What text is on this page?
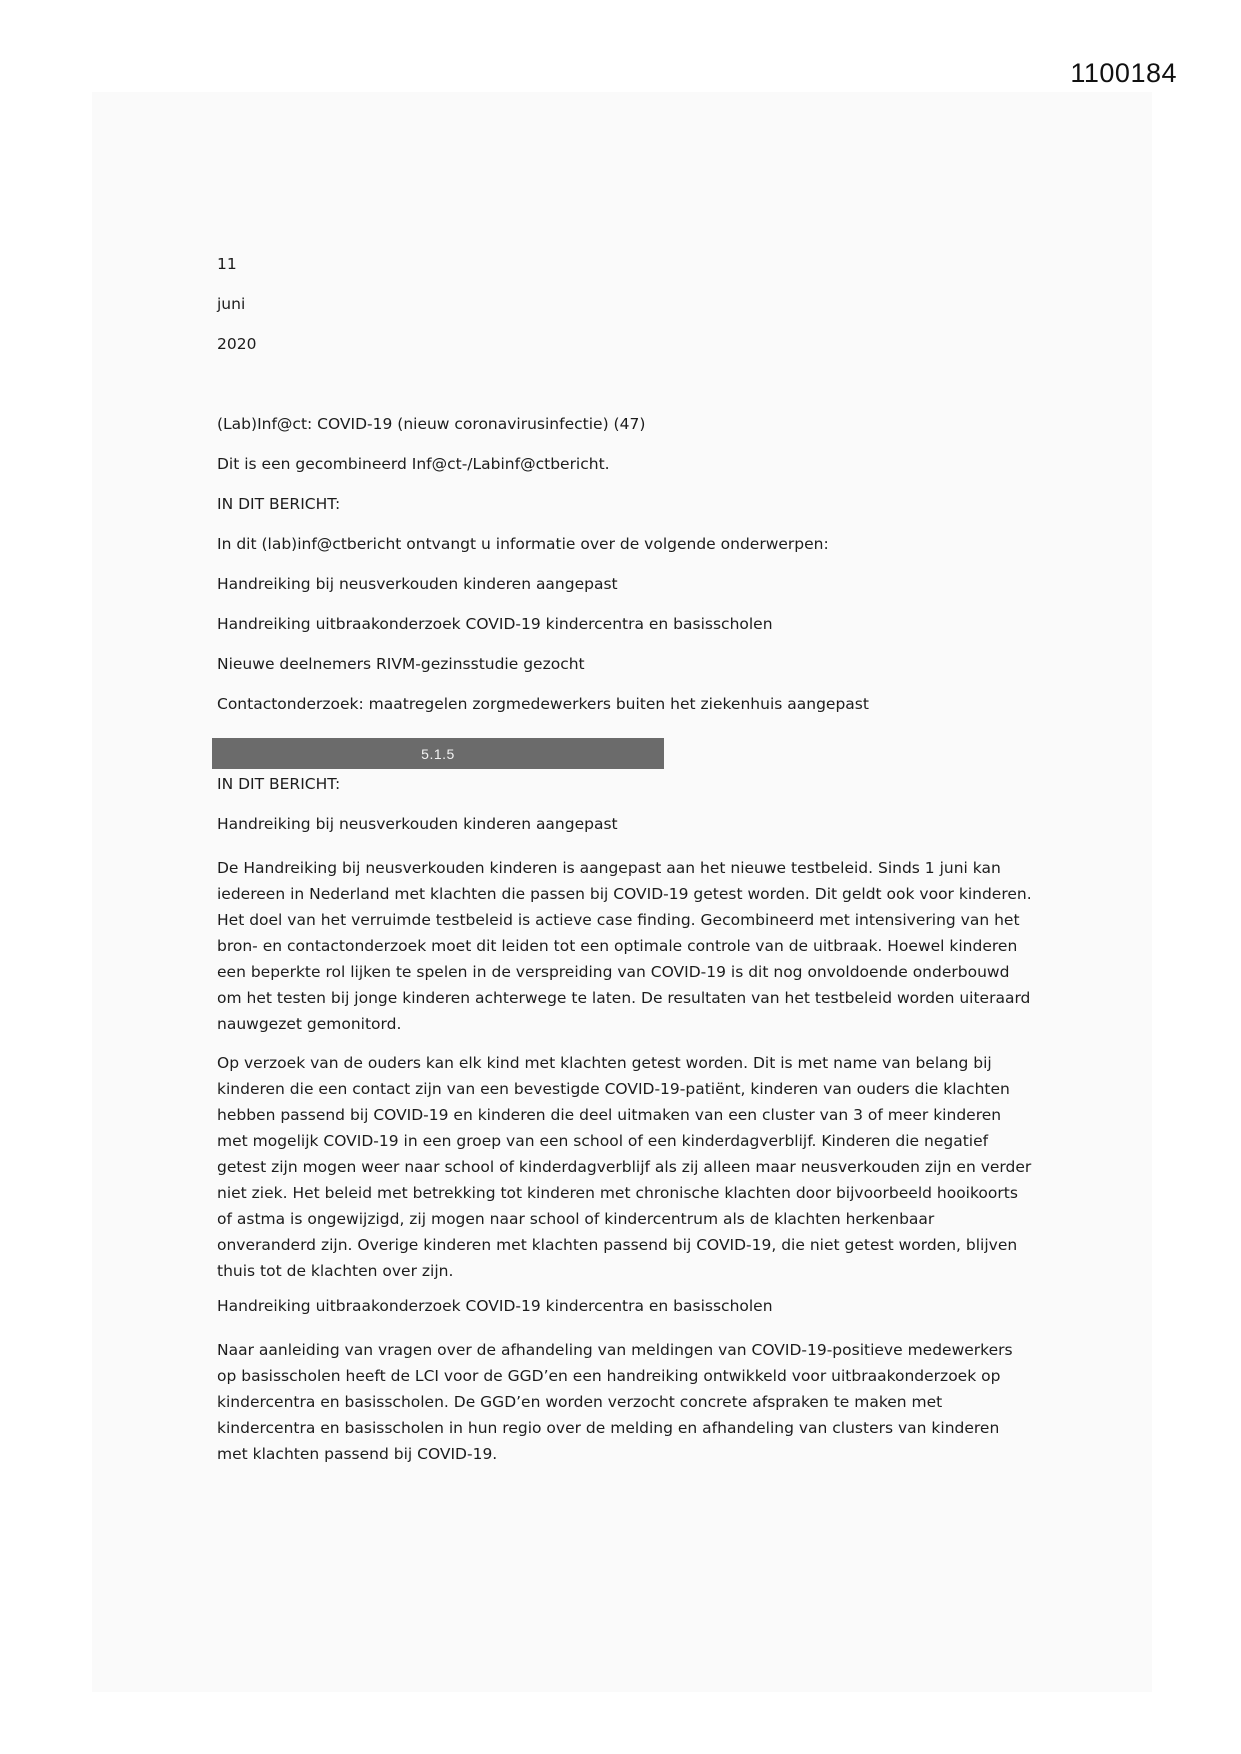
1100184
11
juni
2020
(Lab)Inf@ct: COVID-19 (nieuw coronavirusinfectie) (47)
Dit is een gecombineerd Inf@ct-/Labinf@ctbericht.
IN DIT BERICHT:
In dit (lab)inf@ctbericht ontvangt u informatie over de volgende onderwerpen:
Handreiking bij neusverkouden kinderen aangepast
Handreiking uitbraakonderzoek COVID-19 kindercentra en basisscholen
Nieuwe deelnemers RIVM-gezinsstudie gezocht
Contactonderzoek: maatregelen zorgmedewerkers buiten het ziekenhuis aangepast
5.1.5
IN DIT BERICHT:
Handreiking bij neusverkouden kinderen aangepast
De Handreiking bij neusverkouden kinderen is aangepast aan het nieuwe testbeleid. Sinds 1 juni kan iedereen in Nederland met klachten die passen bij COVID-19 getest worden. Dit geldt ook voor kinderen. Het doel van het verruimde testbeleid is actieve case finding. Gecombineerd met intensivering van het bron- en contactonderzoek moet dit leiden tot een optimale controle van de uitbraak. Hoewel kinderen een beperkte rol lijken te spelen in de verspreiding van COVID-19 is dit nog onvoldoende onderbouwd om het testen bij jonge kinderen achterwege te laten. De resultaten van het testbeleid worden uiteraard nauwgezet gemonitord.
Op verzoek van de ouders kan elk kind met klachten getest worden. Dit is met name van belang bij kinderen die een contact zijn van een bevestigde COVID-19-patiënt, kinderen van ouders die klachten hebben passend bij COVID-19 en kinderen die deel uitmaken van een cluster van 3 of meer kinderen met mogelijk COVID-19 in een groep van een school of een kinderdagverblijf. Kinderen die negatief getest zijn mogen weer naar school of kinderdagverblijf als zij alleen maar neusverkouden zijn en verder niet ziek. Het beleid met betrekking tot kinderen met chronische klachten door bijvoorbeeld hooikoorts of astma is ongewijzigd, zij mogen naar school of kindercentrum als de klachten herkenbaar onveranderd zijn. Overige kinderen met klachten passend bij COVID-19, die niet getest worden, blijven thuis tot de klachten over zijn.
Handreiking uitbraakonderzoek COVID-19 kindercentra en basisscholen
Naar aanleiding van vragen over de afhandeling van meldingen van COVID-19-positieve medewerkers op basisscholen heeft de LCI voor de GGD’en een handreiking ontwikkeld voor uitbraakonderzoek op kindercentra en basisscholen. De GGD’en worden verzocht concrete afspraken te maken met kindercentra en basisscholen in hun regio over de melding en afhandeling van clusters van kinderen met klachten passend bij COVID-19.
